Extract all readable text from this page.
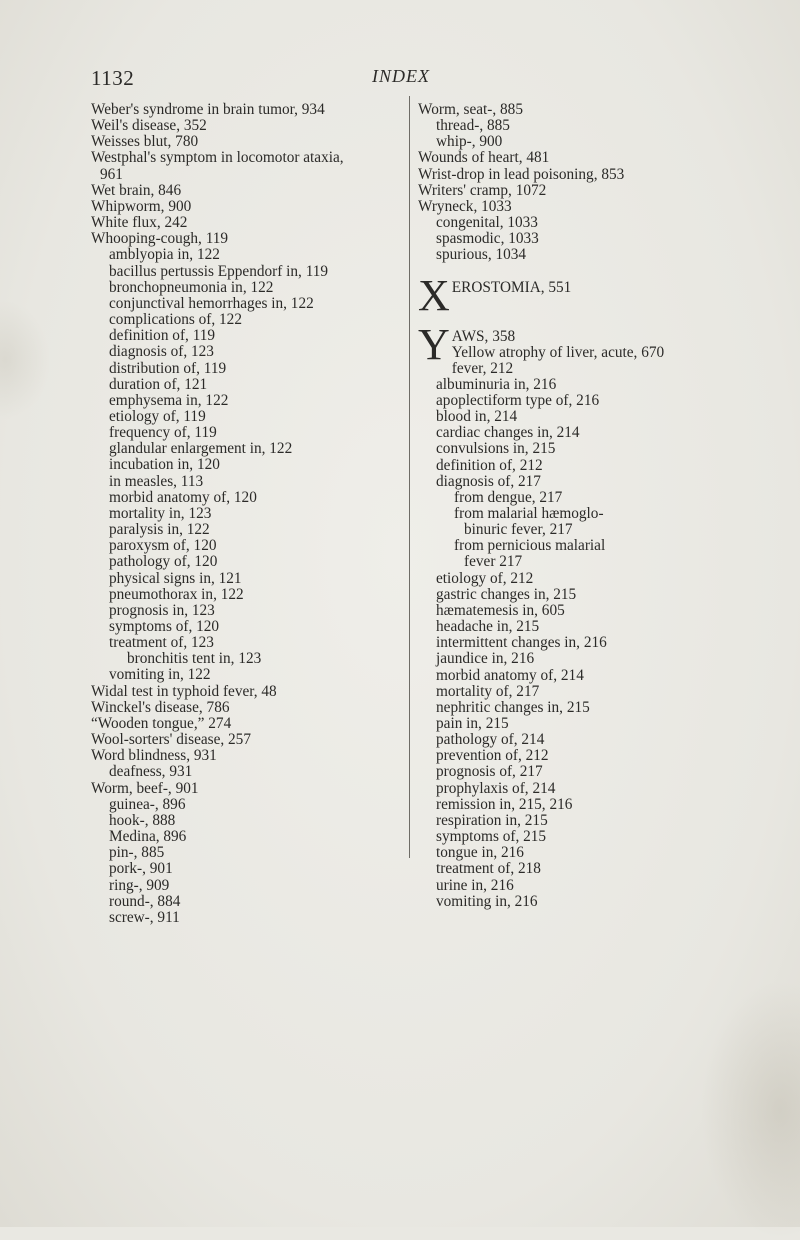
1132	INDEX
Weber's syndrome in brain tumor, 934
Weil's disease, 352
Weisses blut, 780
Westphal's symptom in locomotor ataxia,
961
Wet brain, 846
Whipworm, 900
White flux, 242
Whooping-cough, 119
amblyopia in, 122
bacillus pertussis Eppendorf in, 119
bronchopneumonia in, 122
conjunctival hemorrhages in, 122
complications of, 122
definition of, 119
diagnosis of, 123
distribution of, 119
duration of, 121
emphysema in, 122
etiology of, 119
frequency of, 119
glandular enlargement in, 122
incubation in, 120
in measles, 113
morbid anatomy of, 120
mortality in, 123
paralysis in, 122
paroxysm of, 120
pathology of, 120
physical signs in, 121
pneumothorax in, 122
prognosis in, 123
symptoms of, 120
treatment of, 123
bronchitis tent in, 123
vomiting in, 122
Widal test in typhoid fever, 48
Winckel's disease, 786
“Wooden tongue,” 274
Wool-sorters' disease, 257
Word blindness, 931
deafness, 931
Worm, beef-, 901
guinea-, 896
hook-, 888
Medina, 896
pin-, 885
pork-, 901
ring-, 909
round-, 884
screw-, 911
Worm, seat-, 885
thread-, 885
whip-, 900
Wounds of heart, 481
Wrist-drop in lead poisoning, 853
Writers' cramp, 1072
Wryneck, 1033
congenital, 1033
spasmodic, 1033
spurious, 1034
X EROSTOMIA, 551
Y AWS, 358
Yellow atrophy of liver, acute, 670
fever, 212
albuminuria in, 216
apoplectiform type of, 216
blood in, 214
cardiac changes in, 214
convulsions in, 215
definition of, 212
diagnosis of, 217
from dengue, 217
from malarial hæmoglo-
binuric fever, 217
from pernicious malarial
fever 217
etiology of, 212
gastric changes in, 215
hæmatemesis in, 605
headache in, 215
intermittent changes in, 216
jaundice in, 216
morbid anatomy of, 214
mortality of, 217
nephritic changes in, 215
pain in, 215
pathology of, 214
prevention of, 212
prognosis of, 217
prophylaxis of, 214
remission in, 215, 216
respiration in, 215
symptoms of, 215
tongue in, 216
treatment of, 218
urine in, 216
vomiting in, 216
